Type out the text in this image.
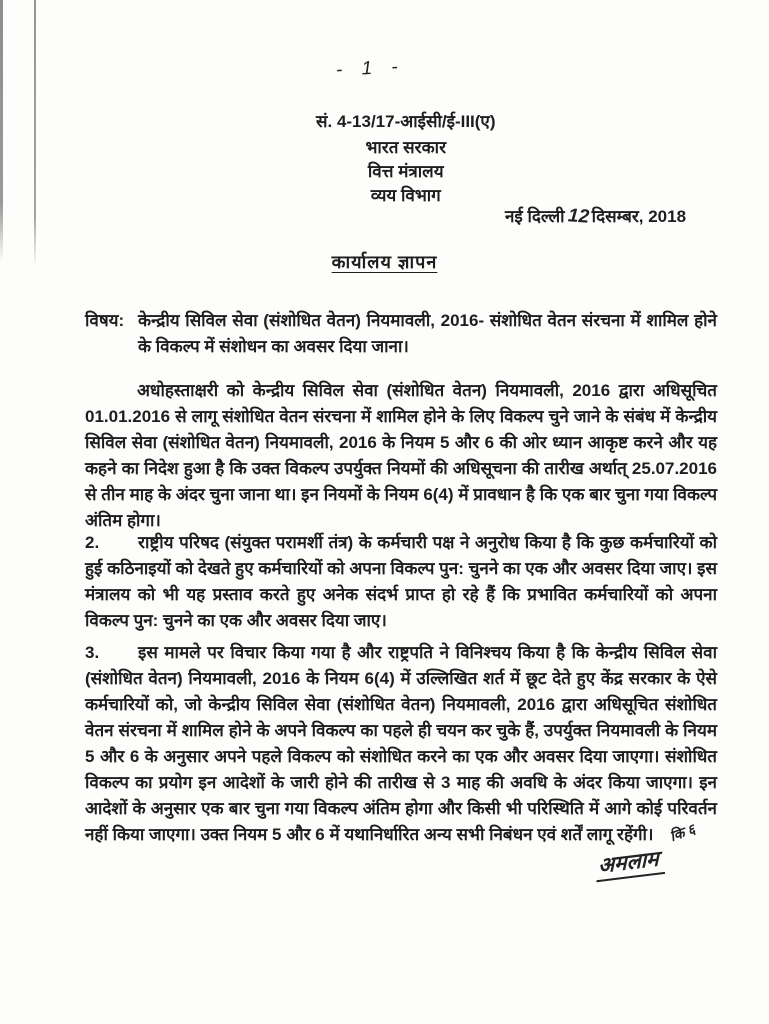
- 1 -
सं. 4-13/17-आईसी/ई-III(ए)
भारत सरकार
वित्त मंत्रालय
व्यय विभाग
नई दिल्ली 12 दिसम्बर, 2018
कार्यालय ज्ञापन
विषय: केन्द्रीय सिविल सेवा (संशोधित वेतन) नियमावली, 2016- संशोधित वेतन संरचना में शामिल होने के विकल्प में संशोधन का अवसर दिया जाना।
अधोहस्ताक्षरी को केन्द्रीय सिविल सेवा (संशोधित वेतन) नियमावली, 2016 द्वारा अधिसूचित 01.01.2016 से लागू संशोधित वेतन संरचना में शामिल होने के लिए विकल्प चुने जाने के संबंध में केन्द्रीय सिविल सेवा (संशोधित वेतन) नियमावली, 2016 के नियम 5 और 6 की ओर ध्यान आकृष्ट करने और यह कहने का निदेश हुआ है कि उक्त विकल्प उपर्युक्त नियमों की अधिसूचना की तारीख अर्थात् 25.07.2016 से तीन माह के अंदर चुना जाना था। इन नियमों के नियम 6(4) में प्रावधान है कि एक बार चुना गया विकल्प अंतिम होगा।
2. राष्ट्रीय परिषद (संयुक्त परामर्शी तंत्र) के कर्मचारी पक्ष ने अनुरोध किया है कि कुछ कर्मचारियों को हुई कठिनाइयों को देखते हुए कर्मचारियों को अपना विकल्प पुन: चुनने का एक और अवसर दिया जाए। इस मंत्रालय को भी यह प्रस्ताव करते हुए अनेक संदर्भ प्राप्त हो रहे हैं कि प्रभावित कर्मचारियों को अपना विकल्प पुन: चुनने का एक और अवसर दिया जाए।
3. इस मामले पर विचार किया गया है और राष्ट्रपति ने विनिश्चय किया है कि केन्द्रीय सिविल सेवा (संशोधित वेतन) नियमावली, 2016 के नियम 6(4) में उल्लिखित शर्त में छूट देते हुए केंद्र सरकार के ऐसे कर्मचारियों को, जो केन्द्रीय सिविल सेवा (संशोधित वेतन) नियमावली, 2016 द्वारा अधिसूचित संशोधित वेतन संरचना में शामिल होने के अपने विकल्प का पहले ही चयन कर चुके हैं, उपर्युक्त नियमावली के नियम 5 और 6 के अनुसार अपने पहले विकल्प को संशोधित करने का एक और अवसर दिया जाएगा। संशोधित विकल्प का प्रयोग इन आदेशों के जारी होने की तारीख से 3 माह की अवधि के अंदर किया जाएगा। इन आदेशों के अनुसार एक बार चुना गया विकल्प अंतिम होगा और किसी भी परिस्थिति में आगे कोई परिवर्तन नहीं किया जाएगा। उक्त नियम 5 और 6 में यथानिर्धारित अन्य सभी निबंधन एवं शर्तें लागू रहेंगी।	कि ६
अमलाम
